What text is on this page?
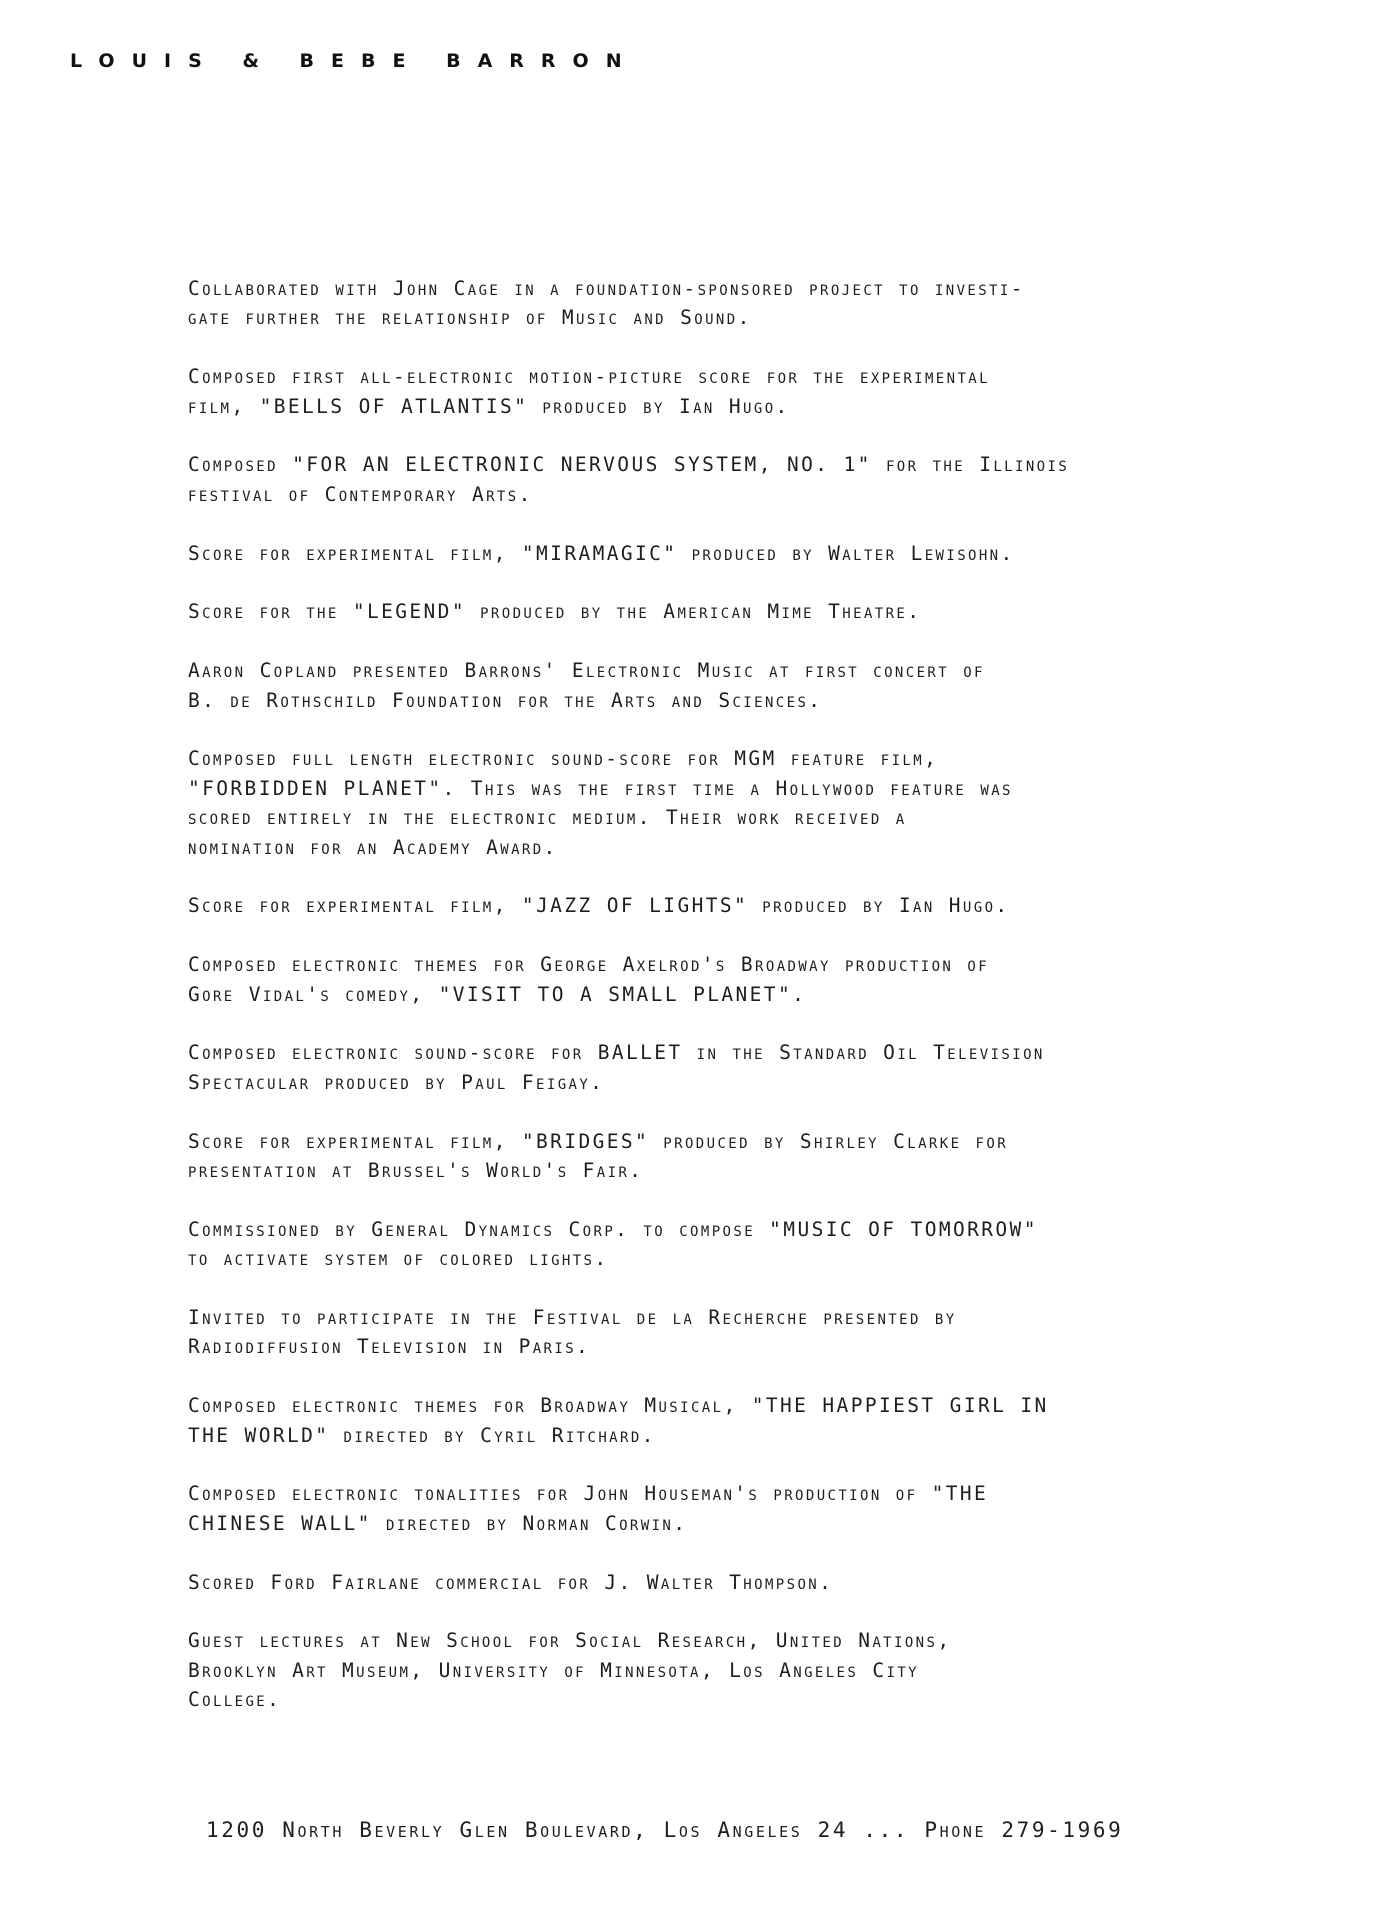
LOUIS & BEBE BARRON

Collaborated with John Cage in a foundation-sponsored project to investi-
gate further the relationship of Music and Sound.

Composed first all-electronic motion-picture score for the experimental
film, "BELLS OF ATLANTIS" produced by Ian Hugo.

Composed "FOR AN ELECTRONIC NERVOUS SYSTEM, NO. 1" for the Illinois
festival of Contemporary Arts.

Score for experimental film, "MIRAMAGIC" produced by Walter Lewisohn.

Score for the "LEGEND" produced by the American Mime Theatre.

Aaron Copland presented Barrons' Electronic Music at first concert of
B. de Rothschild Foundation for the Arts and Sciences.

Composed full length electronic sound-score for MGM feature film,
"FORBIDDEN PLANET". This was the first time a Hollywood feature was
scored entirely in the electronic medium. Their work received a
nomination for an Academy Award.

Score for experimental film, "JAZZ OF LIGHTS" produced by Ian Hugo.

Composed electronic themes for George Axelrod's Broadway production of
Gore Vidal's comedy, "VISIT TO A SMALL PLANET".

Composed electronic sound-score for BALLET in the Standard Oil Television
Spectacular produced by Paul Feigay.

Score for experimental film, "BRIDGES" produced by Shirley Clarke for
presentation at Brussel's World's Fair.

Commissioned by General Dynamics Corp. to compose "MUSIC OF TOMORROW"
to activate system of colored lights.

Invited to participate in the Festival de la Recherche presented by
Radiodiffusion Television in Paris.

Composed electronic themes for Broadway Musical, "THE HAPPIEST GIRL IN
THE WORLD" directed by Cyril Ritchard.

Composed electronic tonalities for John Houseman's production of "THE
CHINESE WALL" directed by Norman Corwin.

Scored Ford Fairlane commercial for J. Walter Thompson.

Guest lectures at New School for Social Research, United Nations,
Brooklyn Art Museum, University of Minnesota, Los Angeles City
College.

1200 North Beverly Glen Boulevard, Los Angeles 24 ... Phone 279-1969
